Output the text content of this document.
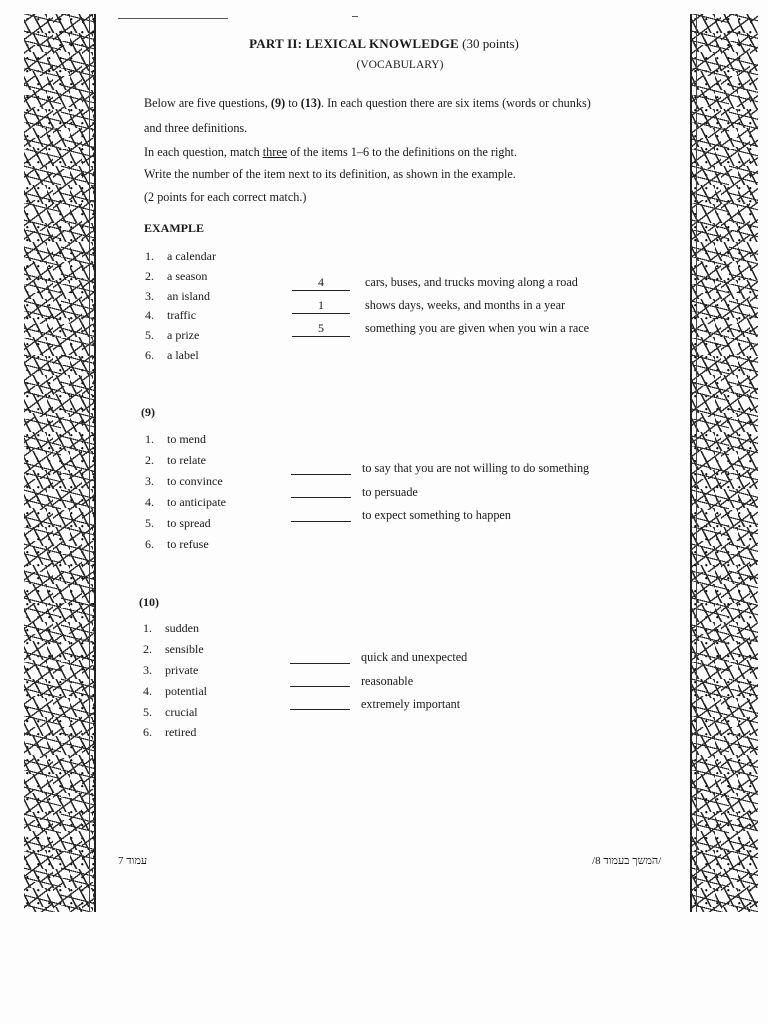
PART II: LEXICAL KNOWLEDGE (30 points)
(VOCABULARY)
Below are five questions, (9) to (13). In each question there are six items (words or chunks)
and three definitions.
In each question, match three of the items 1–6 to the definitions on the right.
Write the number of the item next to its definition, as shown in the example.
(2 points for each correct match.)
EXAMPLE
1. a calendar
2. a season
3. an island
4. traffic
5. a prize
6. a label
4	cars, buses, and trucks moving along a road
1	shows days, weeks, and months in a year
5	something you are given when you win a race
(9)
1. to mend
2. to relate
3. to convince
4. to anticipate
5. to spread
6. to refuse
to say that you are not willing to do something
to persuade
to expect something to happen
(10)
1. sudden
2. sensible
3. private
4. potential
5. crucial
6. retired
quick and unexpected
reasonable
extremely important
עמוד 7	/המשך בעמוד 8/
